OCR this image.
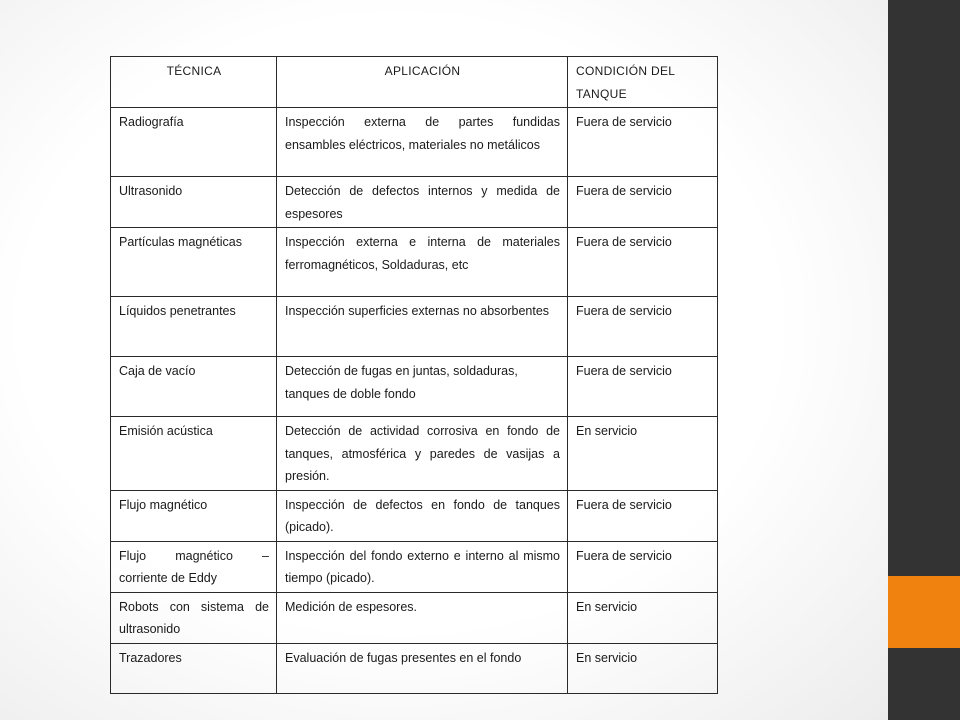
TÉCNICA	APLICACIÓN	CONDICIÓN DEL TANQUE
Radiografía	Inspección externa de partes fundidas ensambles eléctricos, materiales no metálicos	Fuera de servicio
Ultrasonido	Detección de defectos internos y medida de espesores	Fuera de servicio
Partículas magnéticas	Inspección externa e interna de materiales ferromagnéticos, Soldaduras, etc	Fuera de servicio
Líquidos penetrantes	Inspección superficies externas no absorbentes	Fuera de servicio
Caja de vacío	Detección de fugas en juntas, soldaduras, tanques de doble fondo	Fuera de servicio
Emisión acústica	Detección de actividad corrosiva en fondo de tanques, atmosférica y paredes de vasijas a presión.	En servicio
Flujo magnético	Inspección de defectos en fondo de tanques (picado).	Fuera de servicio
Flujo magnético – corriente de Eddy	Inspección del fondo externo e interno al mismo tiempo (picado).	Fuera de servicio
Robots con sistema de ultrasonido	Medición de espesores.	En servicio
Trazadores	Evaluación de fugas presentes en el fondo	En servicio
